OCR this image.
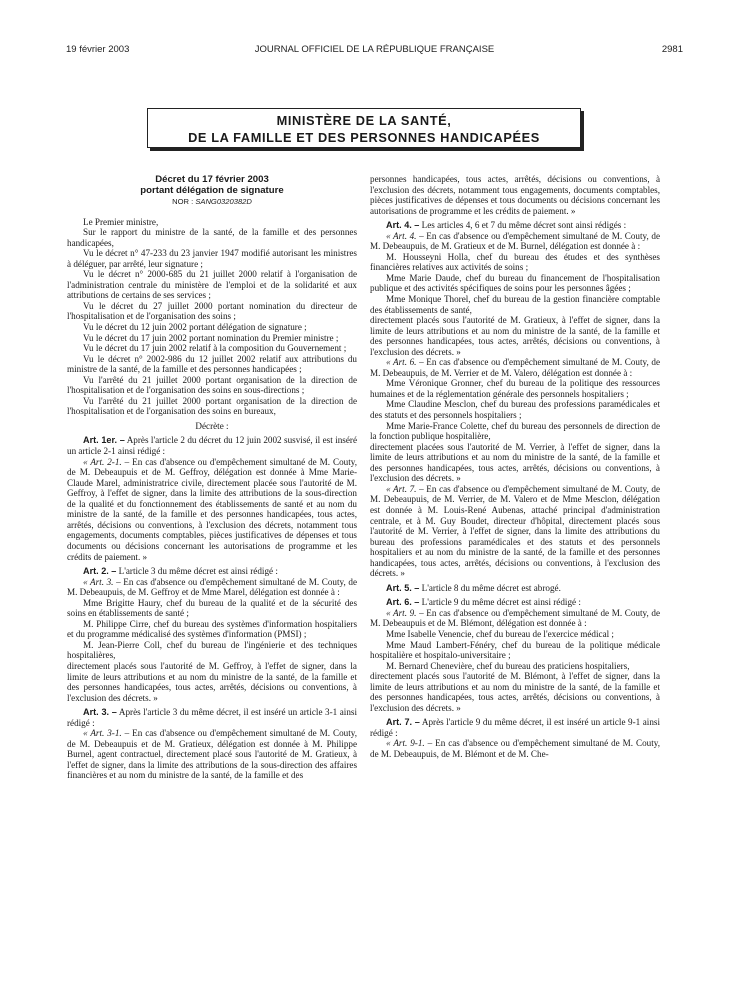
19 février 2003	JOURNAL OFFICIEL DE LA RÉPUBLIQUE FRANÇAISE	2981
MINISTÈRE DE LA SANTÉ,
DE LA FAMILLE ET DES PERSONNES HANDICAPÉES
Décret du 17 février 2003
portant délégation de signature
NOR : SANG0320382D

Le Premier ministre,

Sur le rapport du ministre de la santé, de la famille et des personnes handicapées,

Vu le décret n° 47-233 du 23 janvier 1947 modifié autorisant les ministres à déléguer, par arrêté, leur signature ;

Vu le décret n° 2000-685 du 21 juillet 2000 relatif à l'organisation de l'administration centrale du ministère de l'emploi et de la solidarité et aux attributions de certains de ses services ;

Vu le décret du 27 juillet 2000 portant nomination du directeur de l'hospitalisation et de l'organisation des soins ;

Vu le décret du 12 juin 2002 portant délégation de signature ;

Vu le décret du 17 juin 2002 portant nomination du Premier ministre ;

Vu le décret du 17 juin 2002 relatif à la composition du Gouvernement ;

Vu le décret n° 2002-986 du 12 juillet 2002 relatif aux attributions du ministre de la santé, de la famille et des personnes handicapées ;

Vu l'arrêté du 21 juillet 2000 portant organisation de la direction de l'hospitalisation et de l'organisation des soins en sous-directions ;

Vu l'arrêté du 21 juillet 2000 portant organisation de la direction de l'hospitalisation et de l'organisation des soins en bureaux,

Décrète :

Art. 1er. – Après l'article 2 du décret du 12 juin 2002 susvisé, il est inséré un article 2-1 ainsi rédigé :

« Art. 2-1. – En cas d'absence ou d'empêchement simultané de M. Couty, de M. Debeaupuis et de M. Geffroy, délégation est donnée à Mme Marie-Claude Marel, administratrice civile, directement placée sous l'autorité de M. Geffroy, à l'effet de signer, dans la limite des attributions de la sous-direction de la qualité et du fonctionnement des établissements de santé et au nom du ministre de la santé, de la famille et des personnes handicapées, tous actes, arrêtés, décisions ou conventions, à l'exclusion des décrets, notamment tous engagements, documents comptables, pièces justificatives de dépenses et tous documents ou décisions concernant les autorisations de programme et les crédits de paiement. »

Art. 2. – L'article 3 du même décret est ainsi rédigé :

« Art. 3. – En cas d'absence ou d'empêchement simultané de M. Couty, de M. Debeaupuis, de M. Geffroy et de Mme Marel, délégation est donnée à :

Mme Brigitte Haury, chef du bureau de la qualité et de la sécurité des soins en établissements de santé ;

M. Philippe Cirre, chef du bureau des systèmes d'information hospitaliers et du programme médicalisé des systèmes d'information (PMSI) ;

M. Jean-Pierre Coll, chef du bureau de l'ingénierie et des techniques hospitalières,

directement placés sous l'autorité de M. Geffroy, à l'effet de signer, dans la limite de leurs attributions et au nom du ministre de la santé, de la famille et des personnes handicapées, tous actes, arrêtés, décisions ou conventions, à l'exclusion des décrets. »

Art. 3. – Après l'article 3 du même décret, il est inséré un article 3-1 ainsi rédigé :

« Art. 3-1. – En cas d'absence ou d'empêchement simultané de M. Couty, de M. Debeaupuis et de M. Gratieux, délégation est donnée à M. Philippe Burnel, agent contractuel, directement placé sous l'autorité de M. Gratieux, à l'effet de signer, dans la limite des attributions de la sous-direction des affaires financières et au nom du ministre de la santé, de la famille et des

personnes handicapées, tous actes, arrêtés, décisions ou conventions, à l'exclusion des décrets, notamment tous engagements, documents comptables, pièces justificatives de dépenses et tous documents ou décisions concernant les autorisations de programme et les crédits de paiement. »

Art. 4. – Les articles 4, 6 et 7 du même décret sont ainsi rédigés :

« Art. 4. – En cas d'absence ou d'empêchement simultané de M. Couty, de M. Debeaupuis, de M. Gratieux et de M. Burnel, délégation est donnée à :

M. Housseyni Holla, chef du bureau des études et des synthèses financières relatives aux activités de soins ;

Mme Marie Daude, chef du bureau du financement de l'hospitalisation publique et des activités spécifiques de soins pour les personnes âgées ;

Mme Monique Thorel, chef du bureau de la gestion financière comptable des établissements de santé,

directement placés sous l'autorité de M. Gratieux, à l'effet de signer, dans la limite de leurs attributions et au nom du ministre de la santé, de la famille et des personnes handicapées, tous actes, arrêtés, décisions ou conventions, à l'exclusion des décrets. »

« Art. 6. – En cas d'absence ou d'empêchement simultané de M. Couty, de M. Debeaupuis, de M. Verrier et de M. Valero, délégation est donnée à :

Mme Véronique Gronner, chef du bureau de la politique des ressources humaines et de la réglementation générale des personnels hospitaliers ;

Mme Claudine Mesclon, chef du bureau des professions paramédicales et des statuts et des personnels hospitaliers ;

Mme Marie-France Colette, chef du bureau des personnels de direction de la fonction publique hospitalière,

directement placées sous l'autorité de M. Verrier, à l'effet de signer, dans la limite de leurs attributions et au nom du ministre de la santé, de la famille et des personnes handicapées, tous actes, arrêtés, décisions ou conventions, à l'exclusion des décrets. »

« Art. 7. – En cas d'absence ou d'empêchement simultané de M. Couty, de M. Debeaupuis, de M. Verrier, de M. Valero et de Mme Mesclon, délégation est donnée à M. Louis-René Aubenas, attaché principal d'administration centrale, et à M. Guy Boudet, directeur d'hôpital, directement placés sous l'autorité de M. Verrier, à l'effet de signer, dans la limite des attributions du bureau des professions paramédicales et des statuts et des personnels hospitaliers et au nom du ministre de la santé, de la famille et des personnes handicapées, tous actes, arrêtés, décisions ou conventions, à l'exclusion des décrets. »

Art. 5. – L'article 8 du même décret est abrogé.

Art. 6. – L'article 9 du même décret est ainsi rédigé :

« Art. 9. – En cas d'absence ou d'empêchement simultané de M. Couty, de M. Debeaupuis et de M. Blémont, délégation est donnée à :

Mme Isabelle Venencie, chef du bureau de l'exercice médical ;

Mme Maud Lambert-Fénéry, chef du bureau de la politique médicale hospitalière et hospitalo-universitaire ;

M. Bernard Chenevière, chef du bureau des praticiens hospitaliers,

directement placés sous l'autorité de M. Blémont, à l'effet de signer, dans la limite de leurs attributions et au nom du ministre de la santé, de la famille et des personnes handicapées, tous actes, arrêtés, décisions ou conventions, à l'exclusion des décrets. »

Art. 7. – Après l'article 9 du même décret, il est inséré un article 9-1 ainsi rédigé :

« Art. 9-1. – En cas d'absence ou d'empêchement simultané de M. Couty, de M. Debeaupuis, de M. Blémont et de M. Che-
